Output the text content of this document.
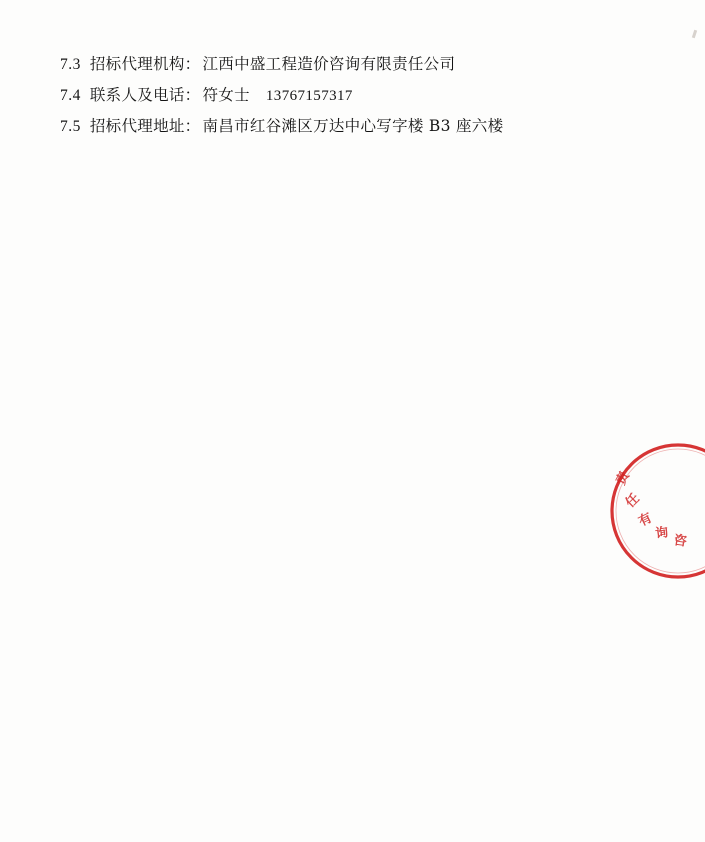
7.3 招标代理机构： 江西中盛工程造价咨询有限责任公司
7.4 联系人及电话： 符女士 13767157317
7.5 招标代理地址： 南昌市红谷滩区万达中心写字楼 B3 座六楼
责
任
有
询 咨
